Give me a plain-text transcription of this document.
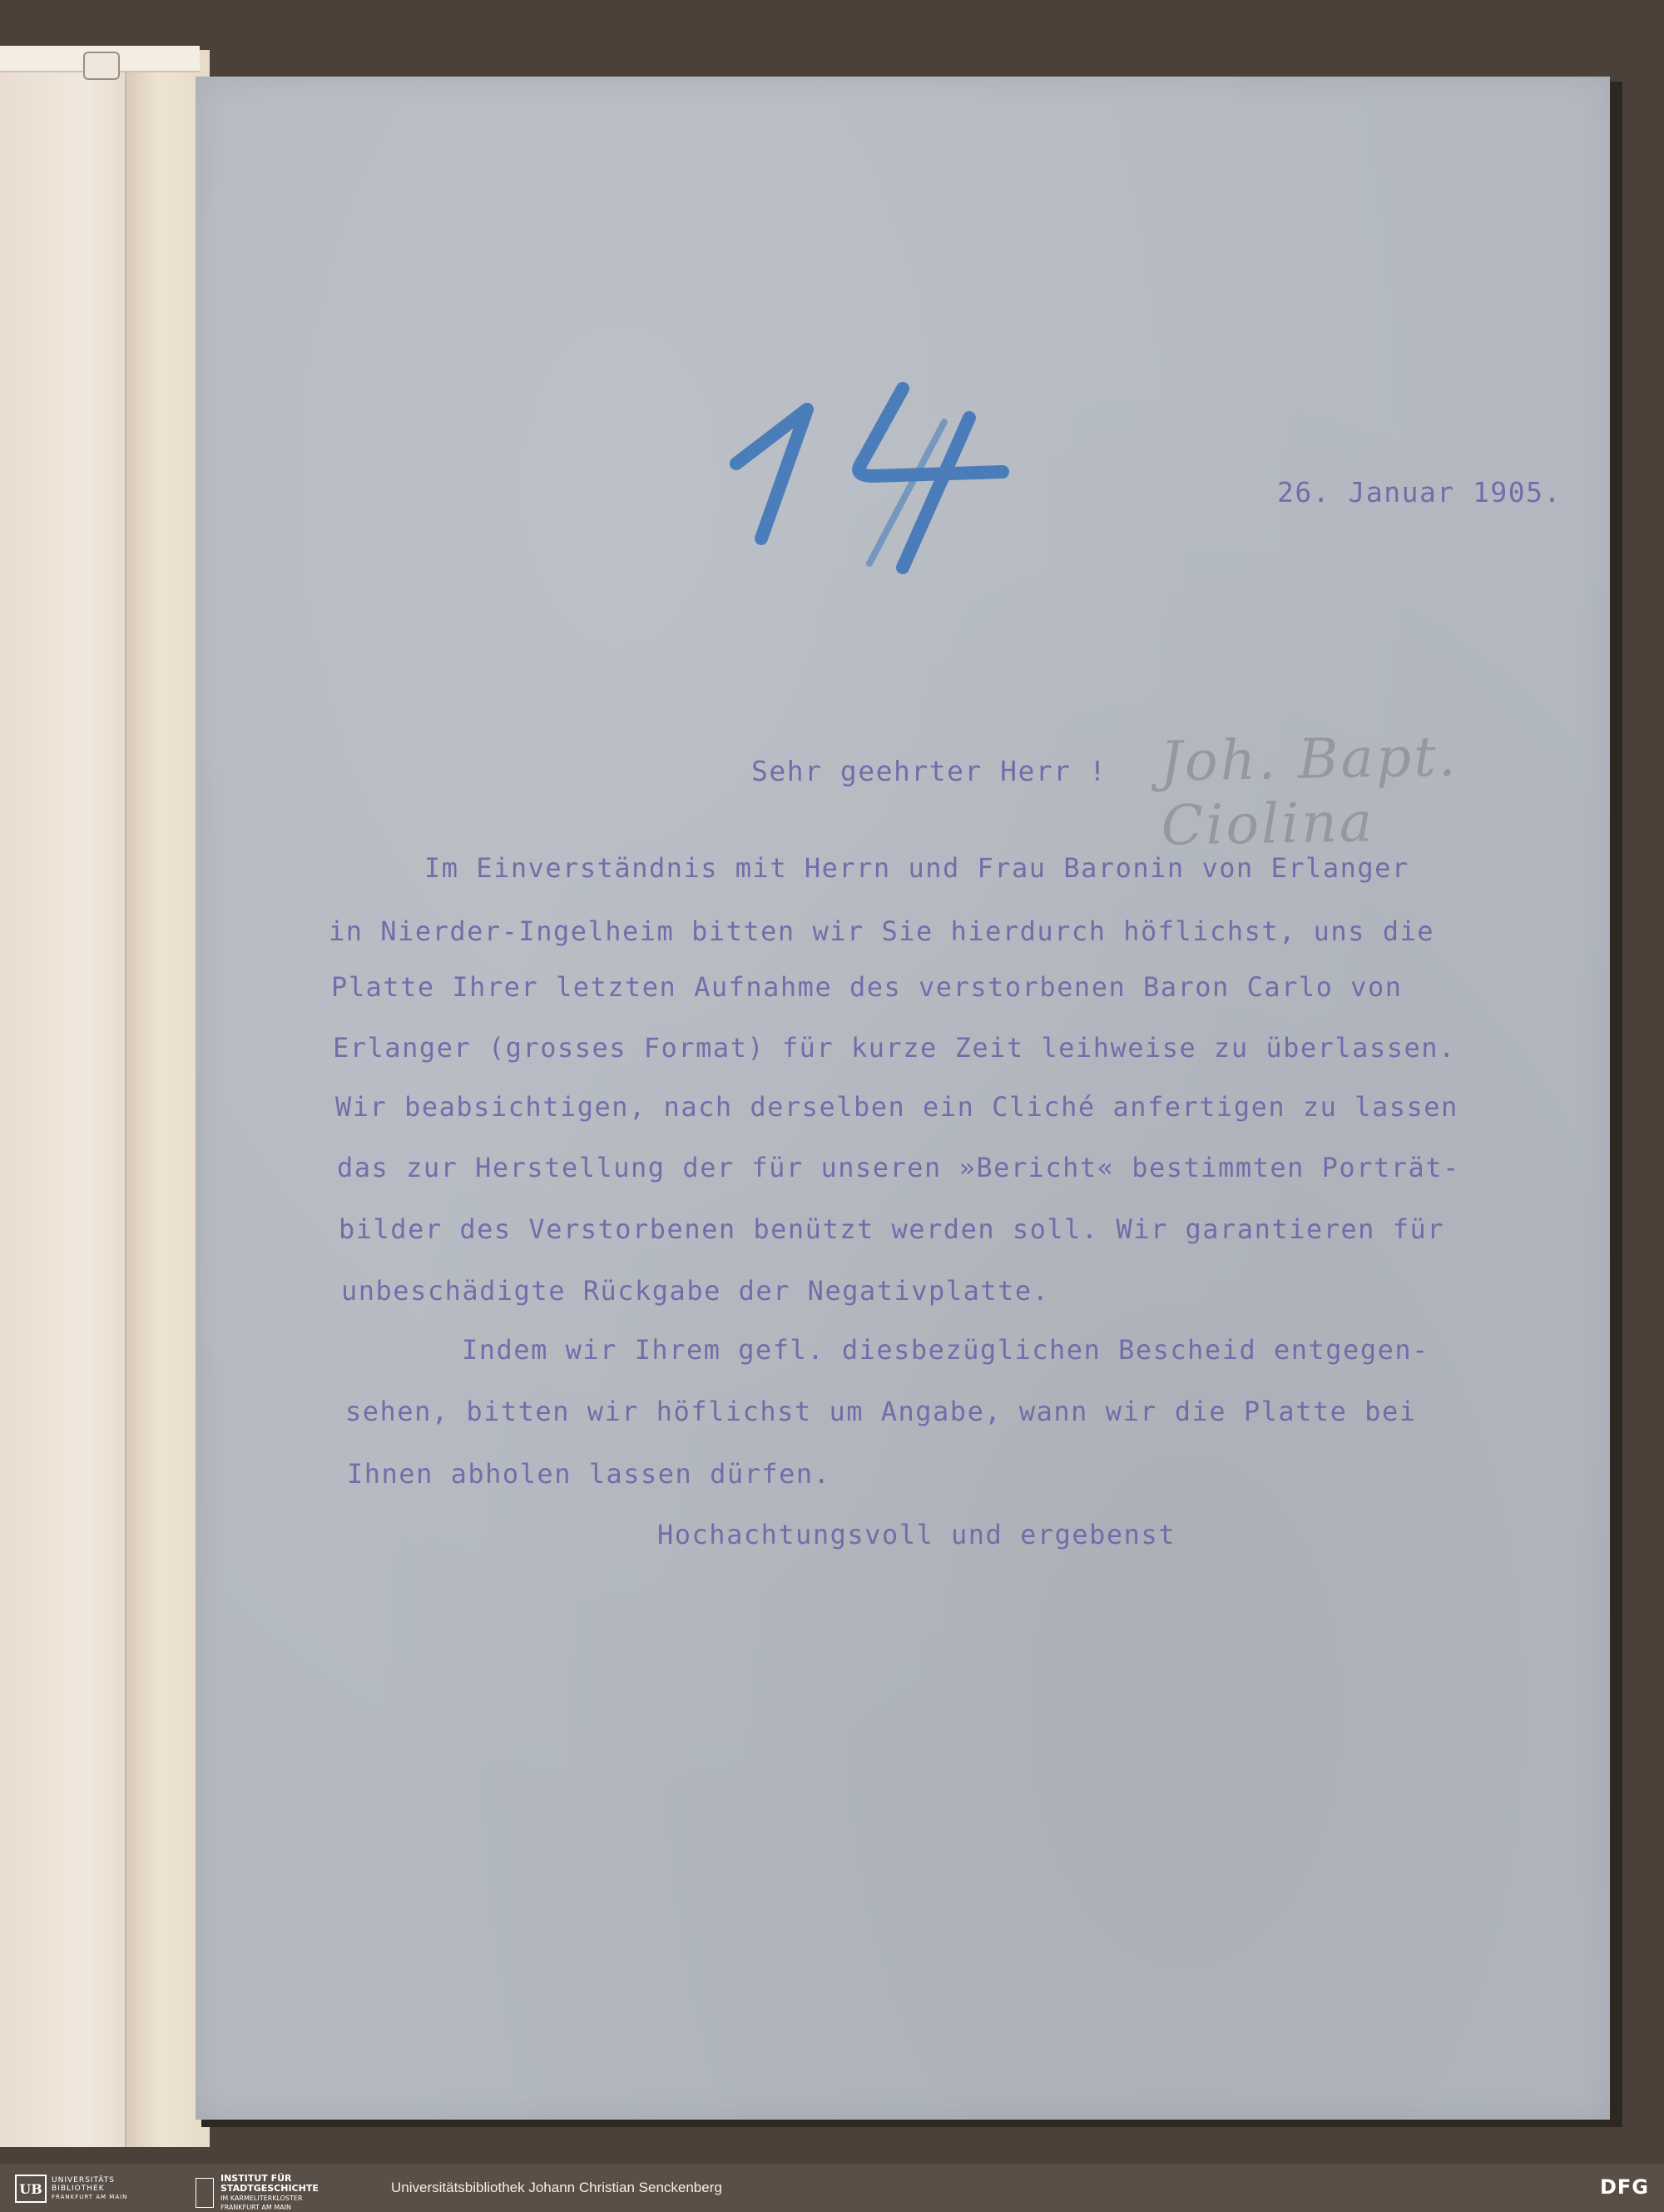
26. Januar 1905.
Sehr geehrter Herr ! Joh. Bapt. Ciolina
Im Einverständnis mit Herrn und Frau Baronin von Erlanger
in Nierder-Ingelheim bitten wir Sie hierdurch höflichst, uns die
Platte Ihrer letzten Aufnahme des verstorbenen Baron Carlo von
Erlanger (grosses Format) für kurze Zeit leihweise zu überlassen.
Wir beabsichtigen, nach derselben ein Cliché anfertigen zu lassen
das zur Herstellung der für unseren »Bericht« bestimmten Porträt-
bilder des Verstorbenen benützt werden soll. Wir garantieren für
unbeschädigte Rückgabe der Negativplatte.
Indem wir Ihrem gefl. diesbezüglichen Bescheid entgegen-
sehen, bitten wir höflichst um Angabe, wann wir die Platte bei
Ihnen abholen lassen dürfen.
Hochachtungsvoll und ergebenst
UB
UNIVERSITÄTS
BIBLIOTHEK
FRANKFURT AM MAIN
INSTITUT FÜR
STADTGESCHICHTE
IM KARMELITERKLOSTER
FRANKFURT AM MAIN
Universitätsbibliothek Johann Christian Senckenberg	DFG
